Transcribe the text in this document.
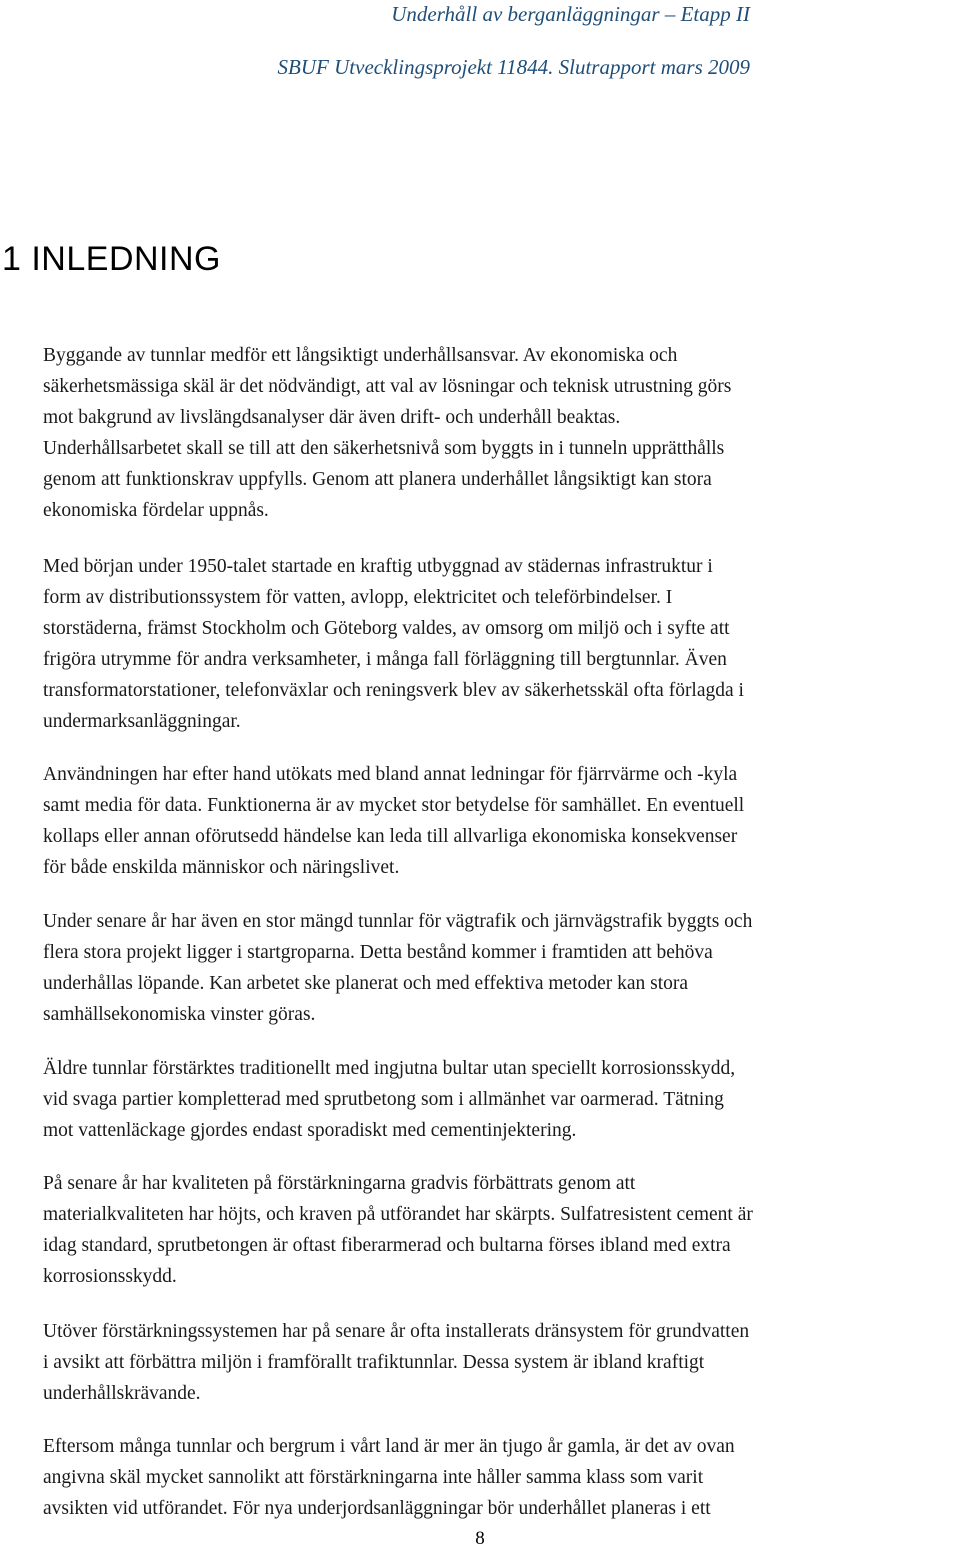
Underhåll av berganläggningar – Etapp II
SBUF Utvecklingsprojekt 11844. Slutrapport mars 2009
1 INLEDNING

Byggande av tunnlar medför ett långsiktigt underhållsansvar. Av ekonomiska och
säkerhetsmässiga skäl är det nödvändigt, att val av lösningar och teknisk utrustning görs
mot bakgrund av livslängdsanalyser där även drift- och underhåll beaktas.
Underhållsarbetet skall se till att den säkerhetsnivå som byggts in i tunneln upprätthålls
genom att funktionskrav uppfylls. Genom att planera underhållet långsiktigt kan stora
ekonomiska fördelar uppnås.

Med början under 1950-talet startade en kraftig utbyggnad av städernas infrastruktur i
form av distributionssystem för vatten, avlopp, elektricitet och teleförbindelser. I
storstäderna, främst Stockholm och Göteborg valdes, av omsorg om miljö och i syfte att
frigöra utrymme för andra verksamheter, i många fall förläggning till bergtunnlar. Även
transformatorstationer, telefonväxlar och reningsverk blev av säkerhetsskäl ofta förlagda i
undermarksanläggningar.

Användningen har efter hand utökats med bland annat ledningar för fjärrvärme och -kyla
samt media för data. Funktionerna är av mycket stor betydelse för samhället. En eventuell
kollaps eller annan oförutsedd händelse kan leda till allvarliga ekonomiska konsekvenser
för både enskilda människor och näringslivet.

Under senare år har även en stor mängd tunnlar för vägtrafik och järnvägstrafik byggts och
flera stora projekt ligger i startgroparna. Detta bestånd kommer i framtiden att behöva
underhållas löpande. Kan arbetet ske planerat och med effektiva metoder kan stora
samhällsekonomiska vinster göras.

Äldre tunnlar förstärktes traditionellt med ingjutna bultar utan speciellt korrosionsskydd,
vid svaga partier kompletterad med sprutbetong som i allmänhet var oarmerad. Tätning
mot vattenläckage gjordes endast sporadiskt med cementinjektering.

På senare år har kvaliteten på förstärkningarna gradvis förbättrats genom att
materialkvaliteten har höjts, och kraven på utförandet har skärpts. Sulfatresistent cement är
idag standard, sprutbetongen är oftast fiberarmerad och bultarna förses ibland med extra
korrosionsskydd.

Utöver förstärkningssystemen har på senare år ofta installerats dränsystem för grundvatten
i avsikt att förbättra miljön i framförallt trafiktunnlar. Dessa system är ibland kraftigt
underhållskrävande.

Eftersom många tunnlar och bergrum i vårt land är mer än tjugo år gamla, är det av ovan
angivna skäl mycket sannolikt att förstärkningarna inte håller samma klass som varit
avsikten vid utförandet. För nya underjordsanläggningar bör underhållet planeras i ett

8
